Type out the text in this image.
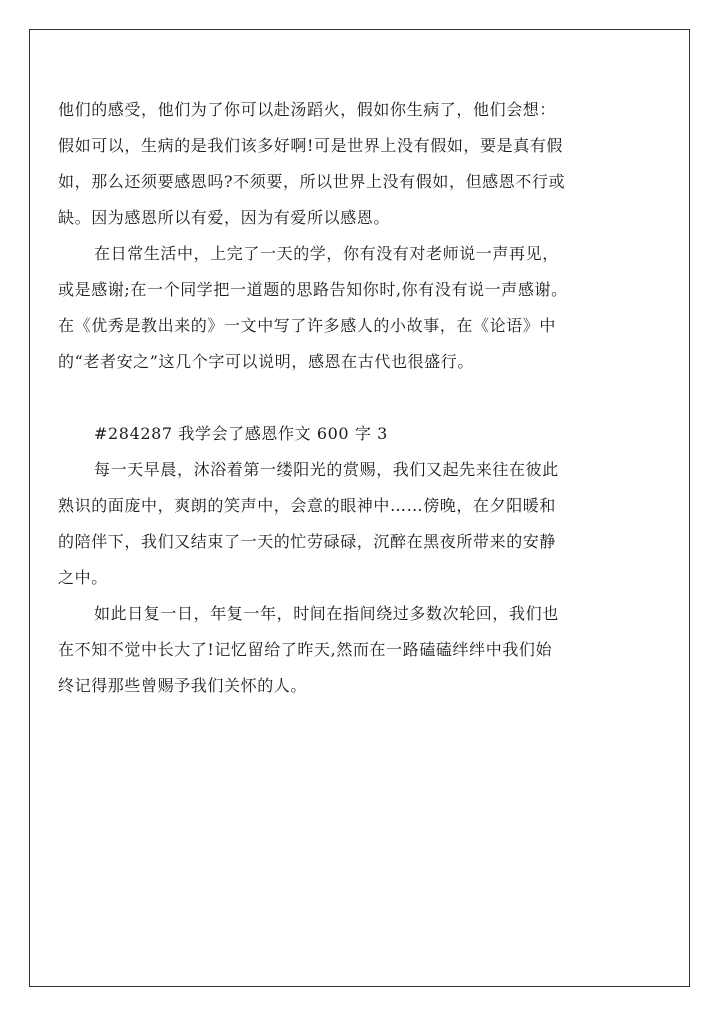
他们的感受，他们为了你可以赴汤蹈火，假如你生病了，他们会想：
假如可以，生病的是我们该多好啊!可是世界上没有假如，要是真有假
如，那么还须要感恩吗?不须要，所以世界上没有假如，但感恩不行或
缺。因为感恩所以有爱，因为有爱所以感恩。
在日常生活中，上完了一天的学，你有没有对老师说一声再见，
或是感谢;在一个同学把一道题的思路告知你时,你有没有说一声感谢。
在《优秀是教出来的》一文中写了许多感人的小故事，在《论语》中
的“老者安之”这几个字可以说明，感恩在古代也很盛行。
#284287 我学会了感恩作文 600 字 3
每一天早晨，沐浴着第一缕阳光的赏赐，我们又起先来往在彼此
熟识的面庞中，爽朗的笑声中，会意的眼神中……傍晚，在夕阳暖和
的陪伴下，我们又结束了一天的忙劳碌碌，沉醉在黑夜所带来的安静
之中。
如此日复一日，年复一年，时间在指间绕过多数次轮回，我们也
在不知不觉中长大了!记忆留给了昨天,然而在一路磕磕绊绊中我们始
终记得那些曾赐予我们关怀的人。
